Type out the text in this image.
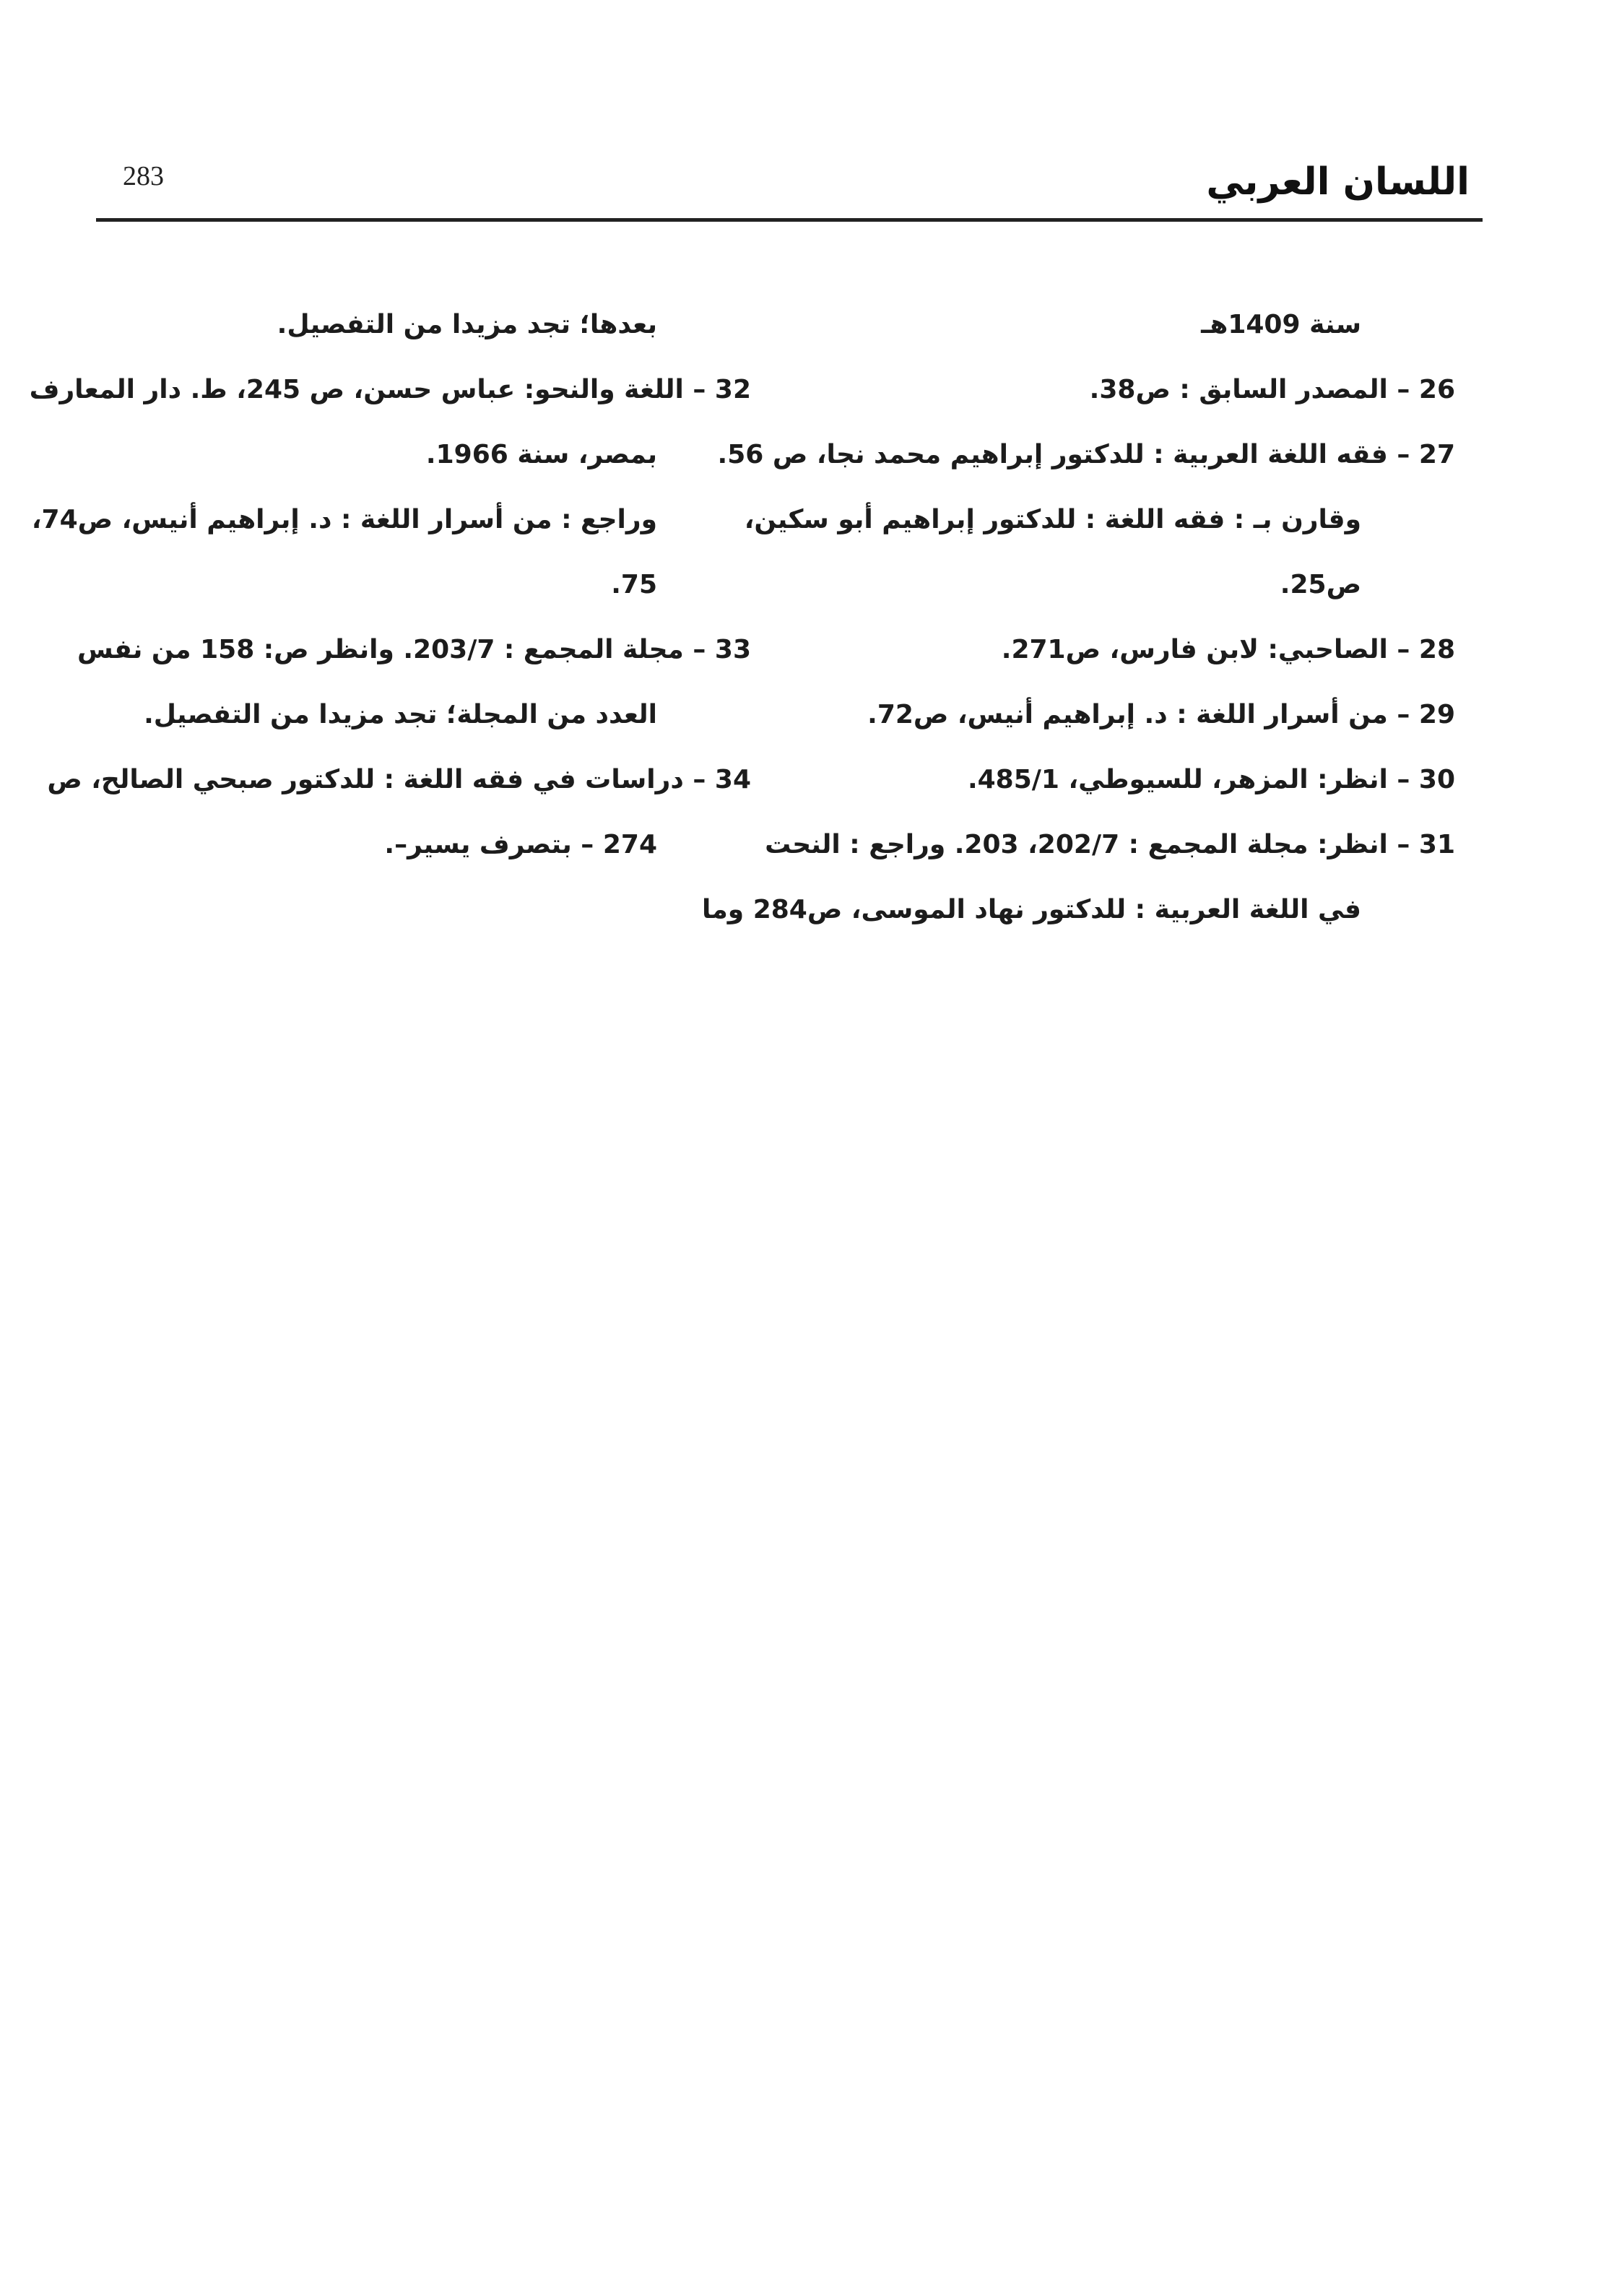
283	اللسان العربي
سنة 1409هـ
26 – المصدر السابق : ص38.
27 – فقه اللغة العربية : للدكتور إبراهيم محمد نجا، ص 56.
وقارن بـ : فقه اللغة : للدكتور إبراهيم أبو سكين،
ص25.
28 – الصاحبي: لابن فارس، ص271.
29 – من أسرار اللغة : د. إبراهيم أنيس، ص72.
30 – انظر: المزهر، للسيوطي، 485/1.
31 – انظر: مجلة المجمع : 202/7، 203. وراجع : النحت
في اللغة العربية : للدكتور نهاد الموسى، ص284 وما
بعدها؛ تجد مزيدا من التفصيل.
32 – اللغة والنحو: عباس حسن، ص 245، ط. دار المعارف
بمصر، سنة 1966.
وراجع : من أسرار اللغة : د. إبراهيم أنيس، ص74،
75.
33 – مجلة المجمع : 203/7. وانظر ص: 158 من نفس
العدد من المجلة؛ تجد مزيدا من التفصيل.
34 – دراسات في فقه اللغة : للدكتور صبحي الصالح، ص
274 – بتصرف يسير–.
